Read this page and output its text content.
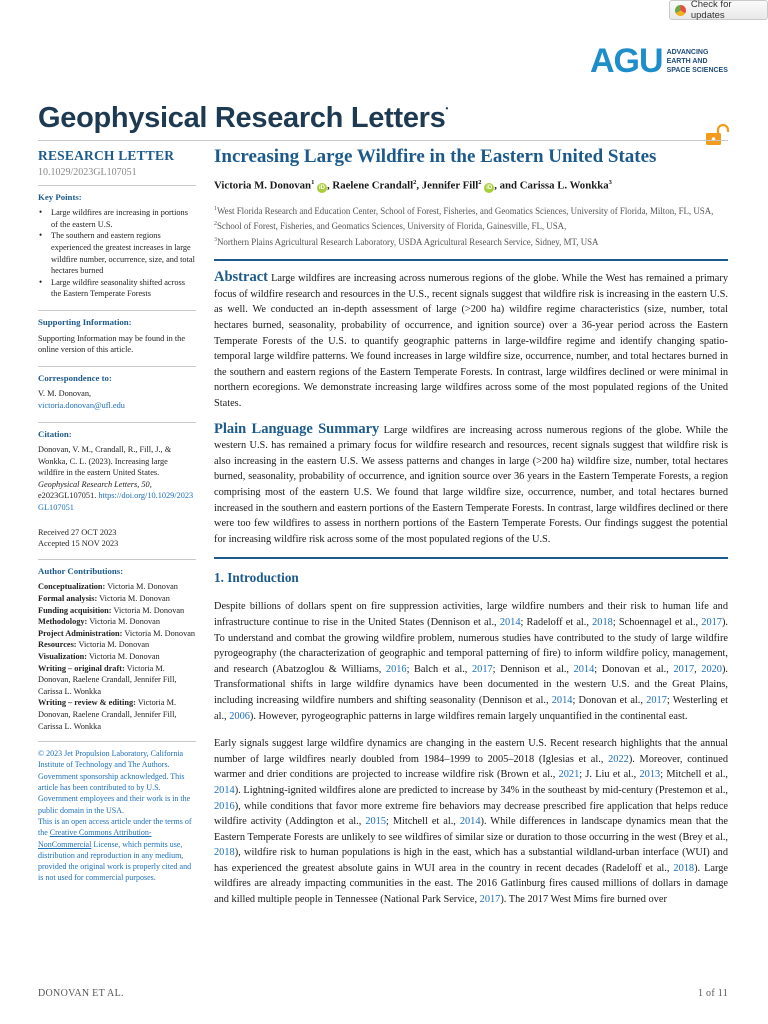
Check for updates
AGU ADVANCING
EARTH AND
SPACE SCIENCES
Geophysical Research Letters•
RESEARCH LETTER
10.1029/2023GL107051
Key Points:
• Large wildfires are increasing in portions of the eastern U.S.
• The southern and eastern regions experienced the greatest increases in large wildfire number, occurrence, size, and total hectares burned
• Large wildfire seasonality shifted across the Eastern Temperate Forests
Supporting Information:
Supporting Information may be found in the online version of this article.
Correspondence to:
V. M. Donovan,
victoria.donovan@ufl.edu
Citation:
Donovan, V. M., Crandall, R., Fill, J., & Wonkka, C. L. (2023). Increasing large wildfire in the eastern United States. Geophysical Research Letters, 50, e2023GL107051. https://doi.org/10.1029/2023GL107051
Received 27 OCT 2023
Accepted 15 NOV 2023
Author Contributions:
Conceptualization: Victoria M. Donovan
Formal analysis: Victoria M. Donovan
Funding acquisition: Victoria M. Donovan
Methodology: Victoria M. Donovan
Project Administration: Victoria M. Donovan
Resources: Victoria M. Donovan
Visualization: Victoria M. Donovan
Writing – original draft: Victoria M. Donovan, Raelene Crandall, Jennifer Fill, Carissa L. Wonkka
Writing – review & editing: Victoria M. Donovan, Raelene Crandall, Jennifer Fill, Carissa L. Wonkka
© 2023 Jet Propulsion Laboratory, California Institute of Technology and The Authors. Government sponsorship acknowledged. This article has been contributed to by U.S. Government employees and their work is in the public domain in the USA.
This is an open access article under the terms of the Creative Commons Attribution-NonCommercial License, which permits use, distribution and reproduction in any medium, provided the original work is properly cited and is not used for commercial purposes.
Increasing Large Wildfire in the Eastern United States
Victoria M. Donovan$^1$ iD , Raelene Crandall$^2$, Jennifer Fill$^2$ iD , and Carissa L. Wonkka$^3$
$^1$West Florida Research and Education Center, School of Forest, Fisheries, and Geomatics Sciences, University of Florida, Milton, FL, USA, $^2$School of Forest, Fisheries, and Geomatics Sciences, University of Florida, Gainesville, FL, USA,
$^3$Northern Plains Agricultural Research Laboratory, USDA Agricultural Research Service, Sidney, MT, USA
Abstract Large wildfires are increasing across numerous regions of the globe. While the West has remained a primary focus of wildfire research and resources in the U.S., recent signals suggest that wildfire risk is increasing in the eastern U.S. as well. We conducted an in-depth assessment of large (>200 ha) wildfire regime characteristics (size, number, total hectares burned, seasonality, probability of occurrence, and ignition source) over a 36-year period across the Eastern Temperate Forests of the U.S. to quantify geographic patterns in large-wildfire regime and identify changing spatio-temporal large wildfire patterns. We found increases in large wildfire size, occurrence, number, and total hectares burned in the southern and eastern regions of the Eastern Temperate Forests. In contrast, large wildfires declined or were minimal in northern ecoregions. We demonstrate increasing large wildfires across some of the most populated regions of the United States.
Plain Language Summary Large wildfires are increasing across numerous regions of the globe. While the western U.S. has remained a primary focus for wildfire research and resources, recent signals suggest that wildfire risk is also increasing in the eastern U.S. We assess patterns and changes in large (>200 ha) wildfire size, number, total hectares burned, seasonality, probability of occurrence, and ignition source over 36 years in the Eastern Temperate Forests, a region comprising most of the eastern U.S. We found that large wildfire size, occurrence, number, and total hectares burned increased in the southern and eastern portions of the Eastern Temperate Forests. In contrast, large wildfires declined or there were too few wildfires to assess in northern portions of the Eastern Temperate Forests. Our findings suggest the potential for increasing wildfire risk across some of the most populated regions of the U.S.
1. Introduction

Despite billions of dollars spent on fire suppression activities, large wildfire numbers and their risk to human life and infrastructure continue to rise in the United States (Dennison et al., 2014; Radeloff et al., 2018; Schoennagel et al., 2017). To understand and combat the growing wildfire problem, numerous studies have contributed to the study of large wildfire pyrogeography (the characterization of geographic and temporal patterning of fire) to inform wildfire policy, management, and research (Abatzoglou & Williams, 2016; Balch et al., 2017; Dennison et al., 2014; Donovan et al., 2017, 2020). Transformational shifts in large wildfire dynamics have been documented in the western U.S. and the Great Plains, including increasing wildfire numbers and shifting seasonality (Dennison et al., 2014; Donovan et al., 2017; Westerling et al., 2006). However, pyrogeographic patterns in large wildfires remain largely unquantified in the continental east.

Early signals suggest large wildfire dynamics are changing in the eastern U.S. Recent research highlights that the annual number of large wildfires nearly doubled from 1984–1999 to 2005–2018 (Iglesias et al., 2022). Moreover, continued warmer and drier conditions are projected to increase wildfire risk (Brown et al., 2021; J. Liu et al., 2013; Mitchell et al., 2014). Lightning-ignited wildfires alone are predicted to increase by 34% in the southeast by mid-century (Prestemon et al., 2016), while conditions that favor more extreme fire behaviors may decrease prescribed fire application that helps reduce wildfire activity (Addington et al., 2015; Mitchell et al., 2014). While differences in landscape dynamics mean that the Eastern Temperate Forests are unlikely to see wildfires of similar size or duration to those occurring in the west (Brey et al., 2018), wildfire risk to human populations is high in the east, which has a substantial wildland-urban interface (WUI) and has experienced the greatest absolute gains in WUI area in the country in recent decades (Radeloff et al., 2018). Large wildfires are already impacting communities in the east. The 2016 Gatlinburg fires caused millions of dollars in damage and killed multiple people in Tennessee (National Park Service, 2017). The 2017 West Mims fire burned over

DONOVAN ET AL.	1 of 11
